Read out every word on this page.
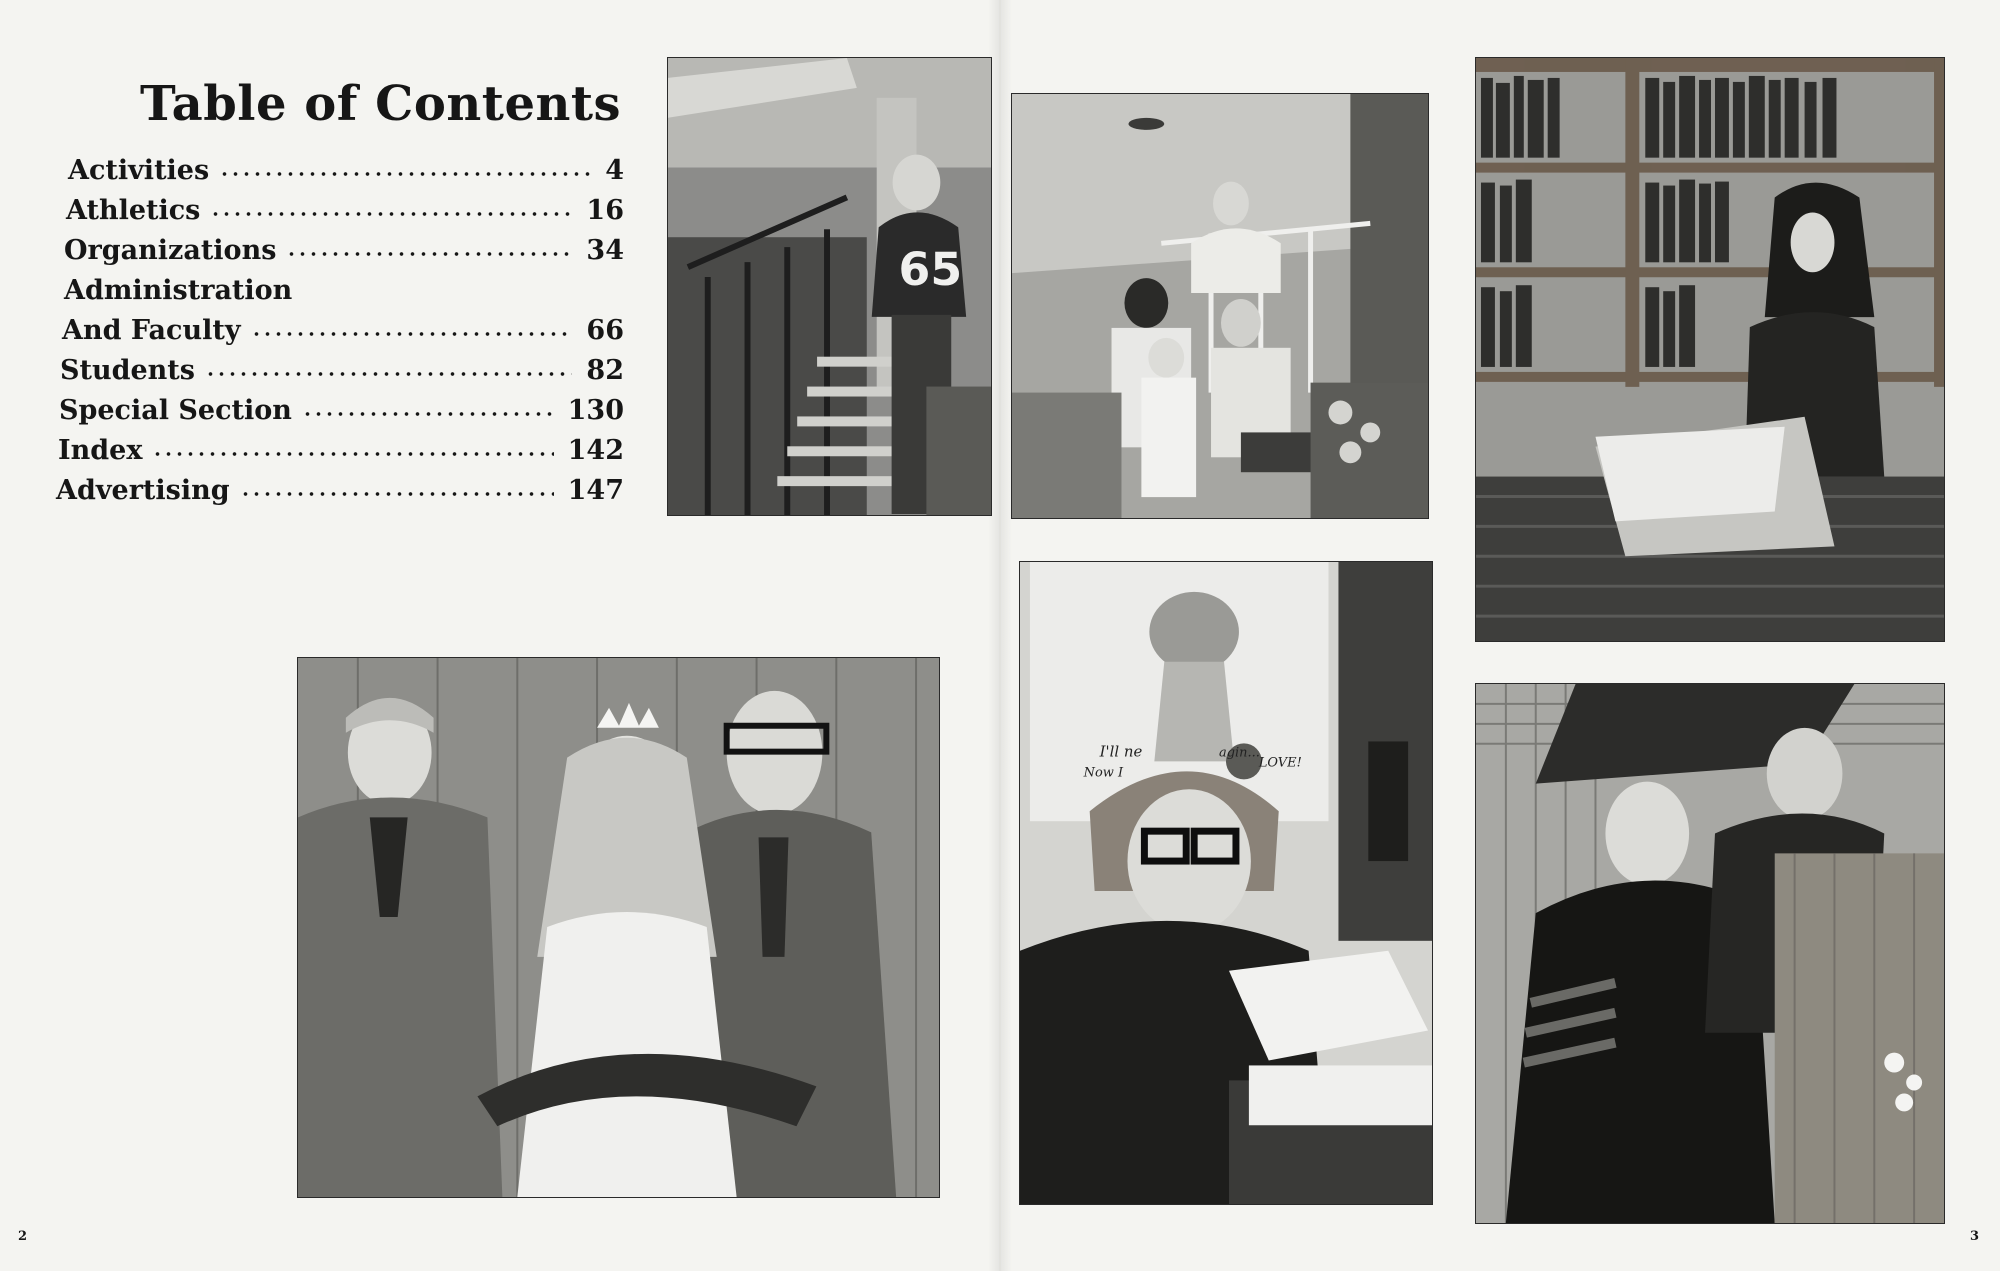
Table of Contents
Activities	4
Athletics	16
Organizations	34
Administration
And Faculty	66
Students	82
Special Section	130
Index	142
Advertising	147
65
I'll ne	agin...
Now I
LOVE!
2	3
